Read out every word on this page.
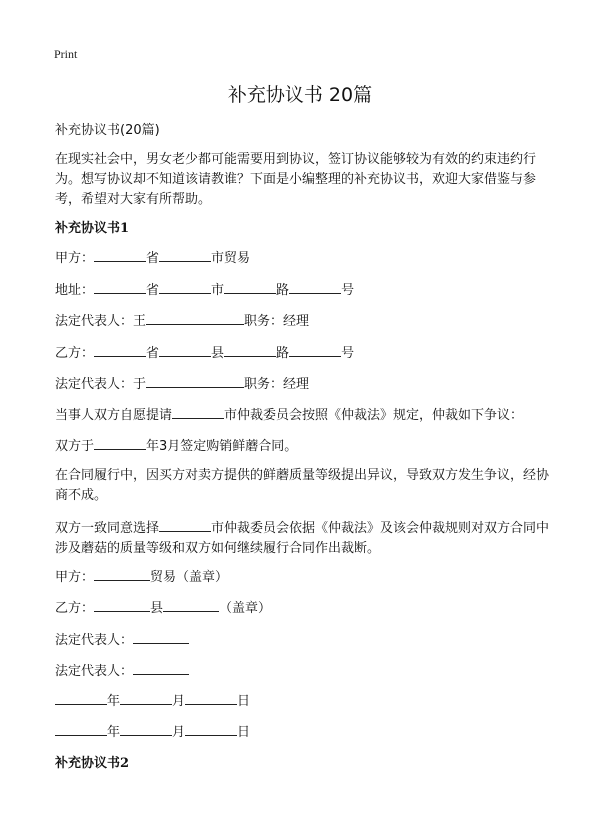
Print
补充协议书 20篇
补充协议书(20篇)
在现实社会中，男女老少都可能需要用到协议，签订协议能够较为有效的约束违约行为。想写协议却不知道该请教谁？下面是小编整理的补充协议书，欢迎大家借鉴与参考，希望对大家有所帮助。
补充协议书1
甲方：	省	市贸易
地址：	省	市	路	号
法定代表人：王	职务：经理
乙方：	省	县	路	号
法定代表人：于	职务：经理
当事人双方自愿提请	市仲裁委员会按照《仲裁法》规定，仲裁如下争议：
双方于	年3月签定购销鲜蘑合同。
在合同履行中，因买方对卖方提供的鲜蘑质量等级提出异议，导致双方发生争议，经协商不成。
双方一致同意选择	市仲裁委员会依据《仲裁法》及该会仲裁规则对双方合同中涉及蘑菇的质量等级和双方如何继续履行合同作出裁断。
甲方：	贸易（盖章）
乙方：	县	（盖章）
法定代表人：
法定代表人：
年	月	日
年	月	日
补充协议书2
